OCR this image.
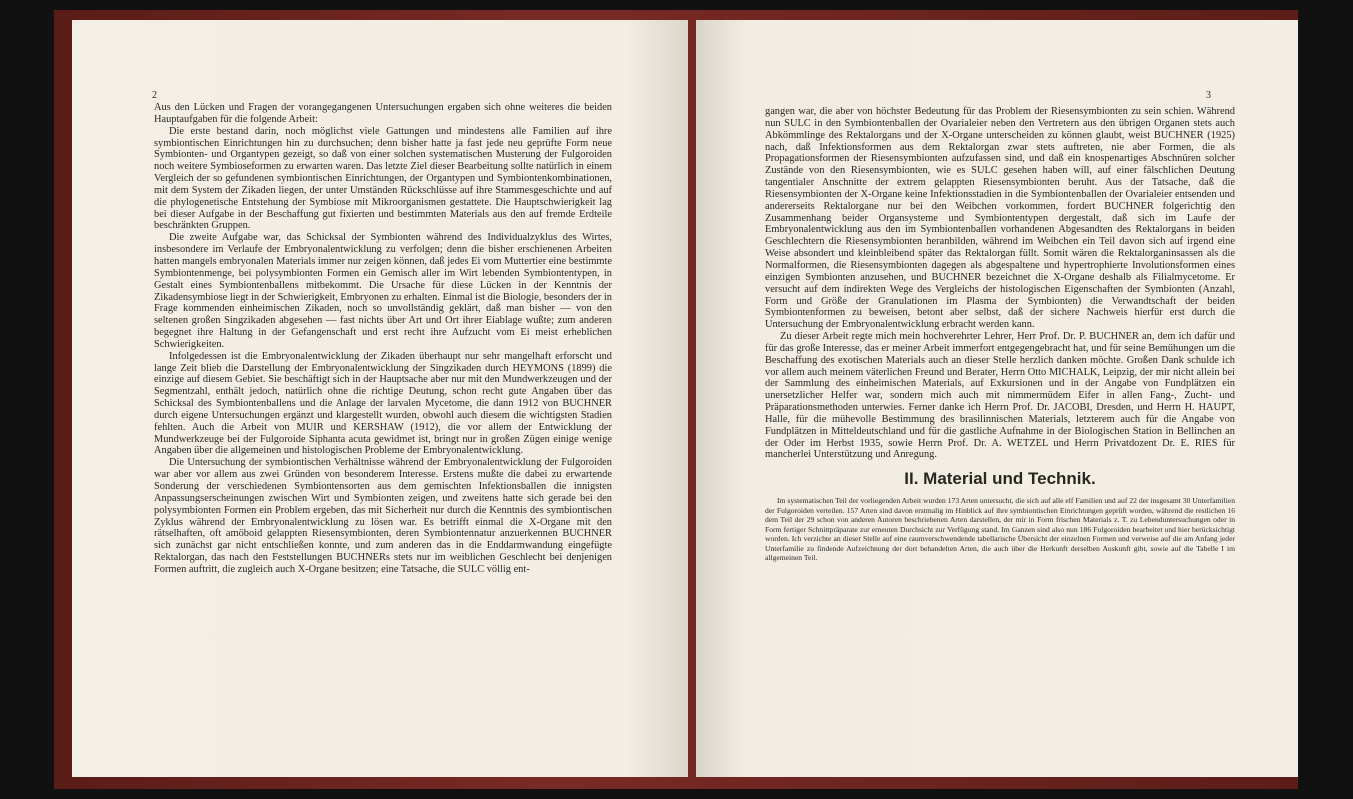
2

Aus den Lücken und Fragen der vorangegangenen Untersuchungen ergaben sich ohne weiteres die beiden Hauptaufgaben für die folgende Arbeit:

Die erste bestand darin, noch möglichst viele Gattungen und mindestens alle Familien auf ihre symbiontischen Einrichtungen hin zu durchsuchen; denn bisher hatte ja fast jede neu geprüfte Form neue Symbionten- und Organtypen gezeigt, so daß von einer solchen systematischen Musterung der Fulgoroiden noch weitere Symbioseformen zu erwarten waren. Das letzte Ziel dieser Bearbeitung sollte natürlich in einem Vergleich der so gefundenen symbiontischen Einrichtungen, der Organtypen und Symbiontenkombinationen, mit dem System der Zikaden liegen, der unter Umständen Rückschlüsse auf ihre Stammesgeschichte und auf die phylogenetische Entstehung der Symbiose mit Mikroorganismen gestattete. Die Hauptschwierigkeit lag bei dieser Aufgabe in der Beschaffung gut fixierten und bestimmten Materials aus den auf fremde Erdteile beschränkten Gruppen.

Die zweite Aufgabe war, das Schicksal der Symbionten während des Individualzyklus des Wirtes, insbesondere im Verlaufe der Embryonalentwicklung zu verfolgen; denn die bisher erschienenen Arbeiten hatten mangels embryonalen Materials immer nur zeigen können, daß jedes Ei vom Muttertier eine bestimmte Symbiontenmenge, bei polysymbionten Formen ein Gemisch aller im Wirt lebenden Symbiontentypen, in Gestalt eines Symbiontenballens mitbekommt. Die Ursache für diese Lücken in der Kenntnis der Zikadensymbiose liegt in der Schwierigkeit, Embryonen zu erhalten. Einmal ist die Biologie, besonders der in Frage kommenden einheimischen Zikaden, noch so unvollständig geklärt, daß man bisher — von den seltenen großen Singzikaden abgesehen — fast nichts über Art und Ort ihrer Eiablage wußte; zum anderen begegnet ihre Haltung in der Gefangenschaft und erst recht ihre Aufzucht vom Ei meist erheblichen Schwierigkeiten.

Infolgedessen ist die Embryonalentwicklung der Zikaden überhaupt nur sehr mangelhaft erforscht und lange Zeit blieb die Darstellung der Embryonalentwicklung der Singzikaden durch HEYMONS (1899) die einzige auf diesem Gebiet. Sie beschäftigt sich in der Hauptsache aber nur mit den Mundwerkzeugen und der Segmentzahl, enthält jedoch, natürlich ohne die richtige Deutung, schon recht gute Angaben über das Schicksal des Symbiontenballens und die Anlage der larvalen Mycetome, die dann 1912 von BUCHNER durch eigene Untersuchungen ergänzt und klargestellt wurden, obwohl auch diesem die wichtigsten Stadien fehlten. Auch die Arbeit von MUIR und KERSHAW (1912), die vor allem der Entwicklung der Mundwerkzeuge bei der Fulgoroide Siphanta acuta gewidmet ist, bringt nur in großen Zügen einige wenige Angaben über die allgemeinen und histologischen Probleme der Embryonalentwicklung.

Die Untersuchung der symbiontischen Verhältnisse während der Embryonalentwicklung der Fulgoroiden war aber vor allem aus zwei Gründen von besonderem Interesse. Erstens mußte die dabei zu erwartende Sonderung der verschiedenen Symbiontensorten aus dem gemischten Infektionsballen die innigsten Anpassungserscheinungen zwischen Wirt und Symbionten zeigen, und zweitens hatte sich gerade bei den polysymbionten Formen ein Problem ergeben, das mit Sicherheit nur durch die Kenntnis des symbiontischen Zyklus während der Embryonalentwicklung zu lösen war. Es betrifft einmal die X-Organe mit den rätselhaften, oft amöboid gelappten Riesensymbionten, deren Symbiontennatur anzuerkennen BUCHNER sich zunächst gar nicht entschließen konnte, und zum anderen das in die Enddarmwandung eingefügte Rektalorgan, das nach den Feststellungen BUCHNERs stets nur im weiblichen Geschlecht bei denjenigen Formen auftritt, die zugleich auch X-Organe besitzen; eine Tatsache, die SULC völlig ent-

3

gangen war, die aber von höchster Bedeutung für das Problem der Riesensymbionten zu sein schien. Während nun SULC in den Symbiontenballen der Ovarialeier neben den Vertretern aus den übrigen Organen stets auch Abkömmlinge des Rektalorgans und der X-Organe unterscheiden zu können glaubt, weist BUCHNER (1925) nach, daß Infektionsformen aus dem Rektalorgan zwar stets auftreten, nie aber Formen, die als Propagationsformen der Riesensymbionten aufzufassen sind, und daß ein knospenartiges Abschnüren solcher Zustände von den Riesensymbionten, wie es SULC gesehen haben will, auf einer fälschlichen Deutung tangentialer Anschnitte der extrem gelappten Riesensymbionten beruht. Aus der Tatsache, daß die Riesensymbionten der X-Organe keine Infektionsstadien in die Symbiontenballen der Ovarialeier entsenden und andererseits Rektalorgane nur bei den Weibchen vorkommen, fordert BUCHNER folgerichtig den Zusammenhang beider Organsysteme und Symbiontentypen dergestalt, daß sich im Laufe der Embryonalentwicklung aus den im Symbiontenballen vorhandenen Abgesandten des Rektalorgans in beiden Geschlechtern die Riesensymbionten heranbilden, während im Weibchen ein Teil davon sich auf irgend eine Weise absondert und kleinbleibend später das Rektalorgan füllt. Somit wären die Rektalorganinsassen als die Normalformen, die Riesensymbionten dagegen als abgespaltene und hypertrophierte Involutionsformen eines einzigen Symbionten anzusehen, und BUCHNER bezeichnet die X-Organe deshalb als Filialmycetome. Er versucht auf dem indirekten Wege des Vergleichs der histologischen Eigenschaften der Symbionten (Anzahl, Form und Größe der Granulationen im Plasma der Symbionten) die Verwandtschaft der beiden Symbiontenformen zu beweisen, betont aber selbst, daß der sichere Nachweis hierfür erst durch die Untersuchung der Embryonalentwicklung erbracht werden kann.

Zu dieser Arbeit regte mich mein hochverehrter Lehrer, Herr Prof. Dr. P. BUCHNER an, dem ich dafür und für das große Interesse, das er meiner Arbeit immerfort entgegengebracht hat, und für seine Bemühungen um die Beschaffung des exotischen Materials auch an dieser Stelle herzlich danken möchte. Großen Dank schulde ich vor allem auch meinem väterlichen Freund und Berater, Herrn Otto MICHALK, Leipzig, der mir nicht allein bei der Sammlung des einheimischen Materials, auf Exkursionen und in der Angabe von Fundplätzen ein unersetzlicher Helfer war, sondern mich auch mit nimmermüdem Eifer in allen Fang-, Zucht- und Präparationsmethoden unterwies. Ferner danke ich Herrn Prof. Dr. JACOBI, Dresden, und Herrn H. HAUPT, Halle, für die mühevolle Bestimmung des brasilinnischen Materials, letzterem auch für die Angabe von Fundplätzen in Mitteldeutschland und für die gastliche Aufnahme in der Biologischen Station in Bellinchen an der Oder im Herbst 1935, sowie Herrn Prof. Dr. A. WETZEL und Herrn Privatdozent Dr. E. RIES für mancherlei Unterstützung und Anregung.

II. Material und Technik.

Im systematischen Teil der vorliegenden Arbeit wurden 173 Arten untersucht, die sich auf alle elf Familien und auf 22 der insgesamt 30 Unterfamilien der Fulgoroiden verteilen. 157 Arten sind davon erstmalig im Hinblick auf ihre symbiontischen Einrichtungen geprüft worden, während die restlichen 16 dem Teil der 29 schon von anderen Autoren beschriebenen Arten darstellen, der mir in Form frischen Materials z. T. zu Lebenduntersuchungen oder in Form fertiger Schnittpräparate zur erneuten Durchsicht zur Verfügung stand. Im Ganzen sind also nun 186 Fulgoroiden bearbeitet und hier berücksichtigt worden. Ich verzichte an dieser Stelle auf eine raumverschwendende tabellarische Übersicht der einzelnen Formen und verweise auf die am Anfang jeder Unterfamilie zu findende Aufzeichnung der dort behandelten Arten, die auch über die Herkunft derselben Auskunft gibt, sowie auf die Tabelle I im allgemeinen Teil.
